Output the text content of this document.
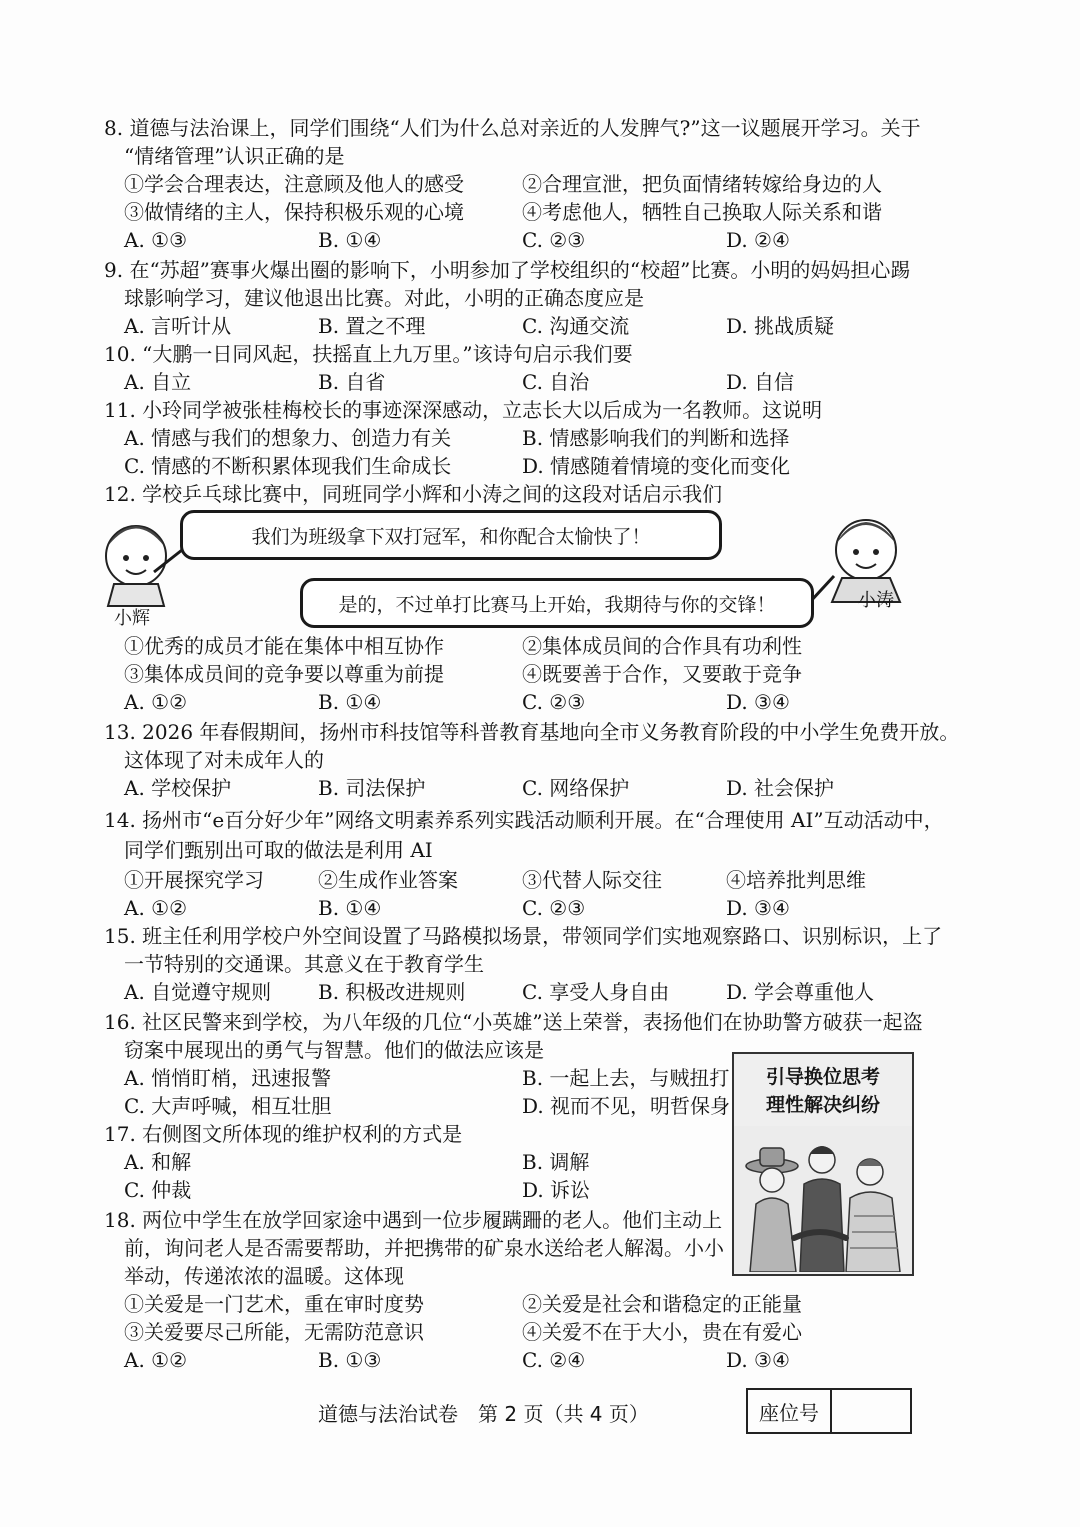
8. 道德与法治课上，同学们围绕“人们为什么总对亲近的人发脾气?”这一议题展开学习。关于
“情绪管理”认识正确的是
①学会合理表达，注意顾及他人的感受	②合理宣泄，把负面情绪转嫁给身边的人
③做情绪的主人，保持积极乐观的心境	④考虑他人，牺牲自己换取人际关系和谐
A. ①③	B. ①④	C. ②③	D. ②④
9. 在“苏超”赛事火爆出圈的影响下，小明参加了学校组织的“校超”比赛。小明的妈妈担心踢
球影响学习，建议他退出比赛。对此，小明的正确态度应是
A. 言听计从	B. 置之不理	C. 沟通交流	D. 挑战质疑
10. “大鹏一日同风起，扶摇直上九万里。”该诗句启示我们要
A. 自立	B. 自省	C. 自治	D. 自信
11. 小玲同学被张桂梅校长的事迹深深感动，立志长大以后成为一名教师。这说明
A. 情感与我们的想象力、创造力有关	B. 情感影响我们的判断和选择
C. 情感的不断积累体现我们生命成长	D. 情感随着情境的变化而变化
12. 学校乒乓球比赛中，同班同学小辉和小涛之间的这段对话启示我们
我们为班级拿下双打冠军，和你配合太愉快了！
是的，不过单打比赛马上开始，我期待与你的交锋！
小辉
小涛
①优秀的成员才能在集体中相互协作	②集体成员间的合作具有功利性
③集体成员间的竞争要以尊重为前提	④既要善于合作，又要敢于竞争
A. ①②	B. ①④	C. ②③	D. ③④
13. 2026 年春假期间，扬州市科技馆等科普教育基地向全市义务教育阶段的中小学生免费开放。
这体现了对未成年人的
A. 学校保护	B. 司法保护	C. 网络保护	D. 社会保护
14. 扬州市“e百分好少年”网络文明素养系列实践活动顺利开展。在“合理使用 AI”互动活动中，
同学们甄别出可取的做法是利用 AI
①开展探究学习	②生成作业答案	③代替人际交往	④培养批判思维
A. ①②	B. ①④	C. ②③	D. ③④
15. 班主任利用学校户外空间设置了马路模拟场景，带领同学们实地观察路口、识别标识，上了
一节特别的交通课。其意义在于教育学生
A. 自觉遵守规则 B. 积极改进规则	C. 享受人身自由	D. 学会尊重他人
16. 社区民警来到学校，为八年级的几位“小英雄”送上荣誉，表扬他们在协助警方破获一起盗
窃案中展现出的勇气与智慧。他们的做法应该是
A. 悄悄盯梢，迅速报警	B. 一起上去，与贼扭打
C. 大声呼喊，相互壮胆	D. 视而不见，明哲保身
17. 右侧图文所体现的维护权利的方式是
A. 和解	B. 调解
C. 仲裁	D. 诉讼
引导换位思考
理性解决纠纷
18. 两位中学生在放学回家途中遇到一位步履蹒跚的老人。他们主动上
前，询问老人是否需要帮助，并把携带的矿泉水送给老人解渴。小小
举动，传递浓浓的温暖。这体现
①关爱是一门艺术，重在审时度势	②关爱是社会和谐稳定的正能量
③关爱要尽己所能，无需防范意识	④关爱不在于大小，贵在有爱心
A. ①②	B. ①③	C. ②④	D. ③④
道德与法治试卷　第 2 页（共 4 页）	座位号
